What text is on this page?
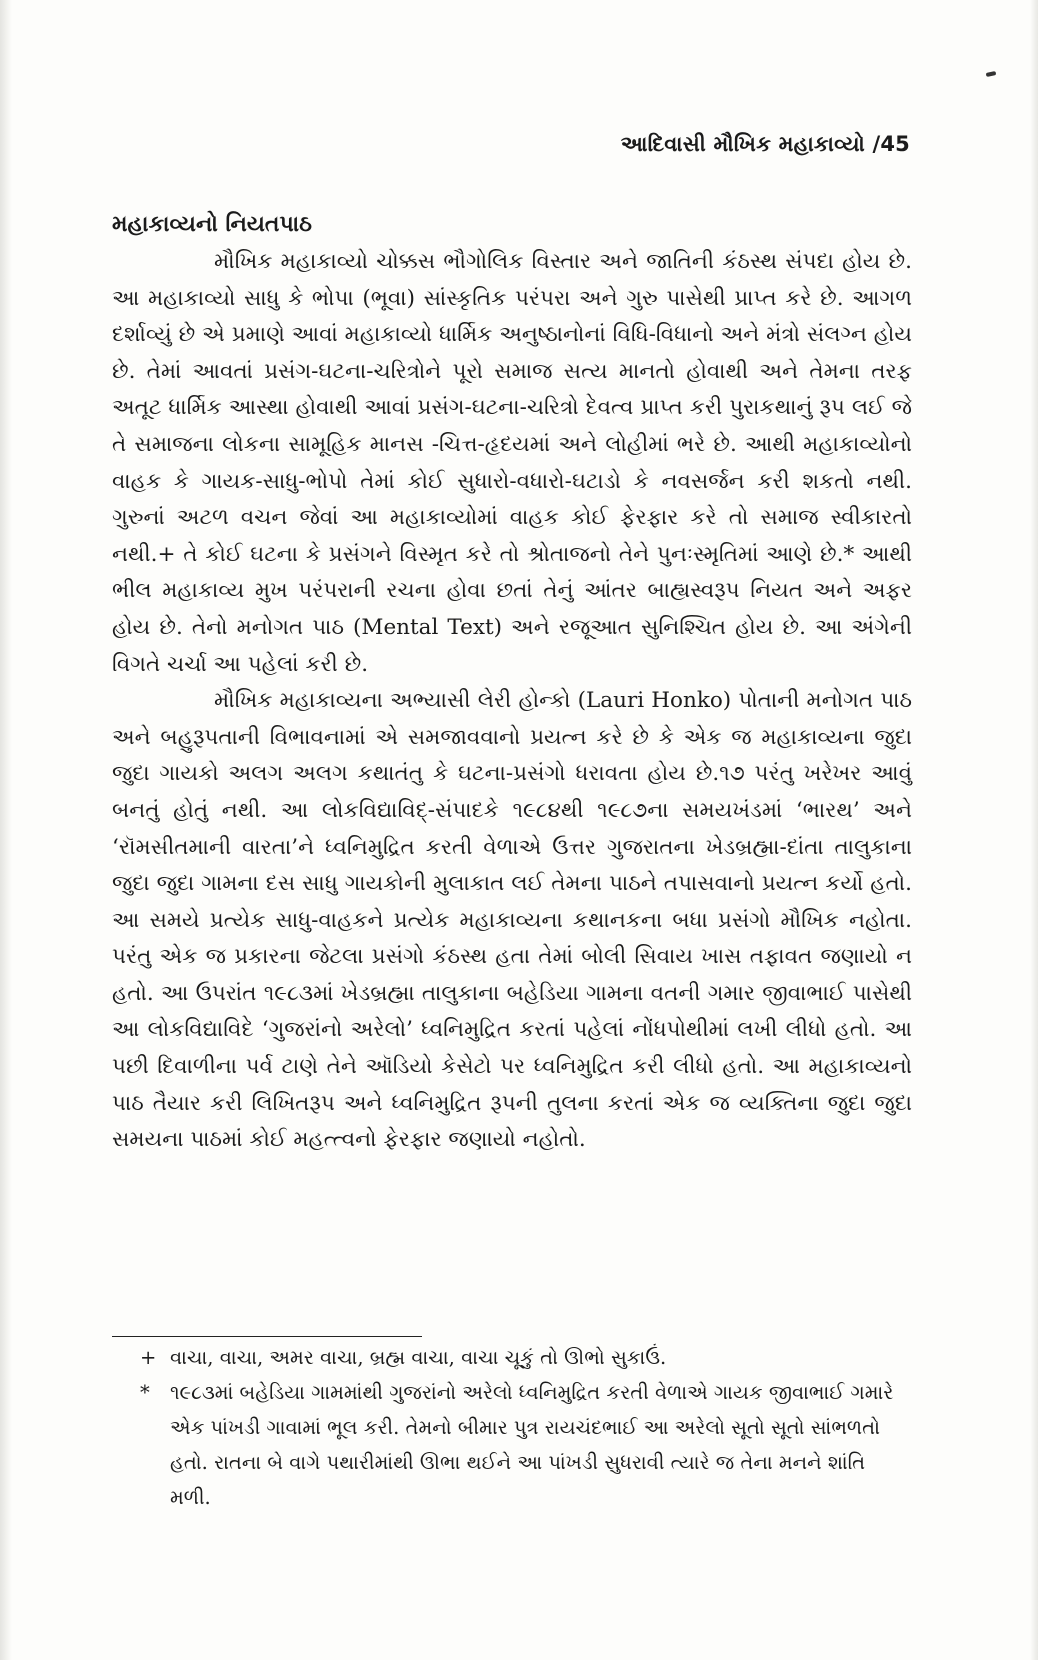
આદિવાસી મૌખિક મહાકાવ્યો /45
મહાકાવ્યનો નિયતપાઠ

મૌખિક મહાકાવ્યો ચોક્કસ ભૌગોલિક વિસ્તાર અને જાતિની કંઠસ્થ સંપદા હોય છે. આ મહાકાવ્યો સાધુ કે ભોપા (ભૂવા) સાંસ્કૃતિક પરંપરા અને ગુરુ પાસેથી પ્રાપ્ત કરે છે. આગળ દર્શાવ્યું છે એ પ્રમાણે આવાં મહાકાવ્યો ધાર્મિક અનુષ્ઠાનોનાં વિધિ-વિધાનો અને મંત્રો સંલગ્ન હોય છે. તેમાં આવતાં પ્રસંગ-ઘટના-ચરિત્રોને પૂરો સમાજ સત્ય માનતો હોવાથી અને તેમના તરફ અતૂટ ધાર્મિક આસ્થા હોવાથી આવાં પ્રસંગ-ઘટના-ચરિત્રો દેવત્વ પ્રાપ્ત કરી પુરાકથાનું રૂપ લઈ જે તે સમાજના લોકના સામૂહિક માનસ -ચિત્ત-હૃદયમાં અને લોહીમાં ભરે છે. આથી મહાકાવ્યોનો વાહક કે ગાયક-સાધુ-ભોપો તેમાં કોઈ સુધારો-વધારો-ઘટાડો કે નવસર્જન કરી શકતો નથી. ગુરુનાં અટળ વચન જેવાં આ મહાકાવ્યોમાં વાહક કોઈ ફેરફાર કરે તો સમાજ સ્વીકારતો નથી.+ તે કોઈ ઘટના કે પ્રસંગને વિસ્મૃત કરે તો શ્રોતાજનો તેને પુનઃસ્મૃતિમાં આણે છે.* આથી ભીલ મહાકાવ્ય મુખ પરંપરાની રચના હોવા છતાં તેનું આંતર બાહ્યસ્વરૂપ નિયત અને અફર હોય છે. તેનો મનોગત પાઠ (Mental Text) અને રજૂઆત સુનિશ્ચિત હોય છે. આ અંગેની વિગતે ચર્ચા આ પહેલાં કરી છે.

મૌખિક મહાકાવ્યના અભ્યાસી લેરી હોન્કો (Lauri Honko) પોતાની મનોગત પાઠ અને બહુરૂપતાની વિભાવનામાં એ સમજાવવાનો પ્રયત્ન કરે છે કે એક જ મહાકાવ્યના જુદા જુદા ગાયકો અલગ અલગ કથાતંતુ કે ઘટના-પ્રસંગો ધરાવતા હોય છે.૧૭ પરંતુ ખરેખર આવું બનતું હોતું નથી. આ લોકવિદ્યાવિદ્-સંપાદકે ૧૯૮૪થી ૧૯૮૭ના સમયખંડમાં ‘ભારથ’ અને ‘રૉમસીતમાની વારતા’ને ધ્વનિમુદ્રિત કરતી વેળાએ ઉત્તર ગુજરાતના ખેડબ્રહ્મા-દાંતા તાલુકાના જુદા જુદા ગામના દસ સાધુ ગાયકોની મુલાકાત લઈ તેમના પાઠને તપાસવાનો પ્રયત્ન કર્યો હતો. આ સમયે પ્રત્યેક સાધુ-વાહકને પ્રત્યેક મહાકાવ્યના કથાનકના બધા પ્રસંગો મૌખિક નહોતા. પરંતુ એક જ પ્રકારના જેટલા પ્રસંગો કંઠસ્થ હતા તેમાં બોલી સિવાય ખાસ તફાવત જણાયો ન હતો. આ ઉપરાંત ૧૯૮૩માં ખેડબ્રહ્મા તાલુકાના બહેડિયા ગામના વતની ગમાર જીવાભાઈ પાસેથી આ લોકવિદ્યાવિદે ‘ગુજરાંનો અરેલો’ ધ્વનિમુદ્રિત કરતાં પહેલાં નોંધપોથીમાં લખી લીધો હતો. આ પછી દિવાળીના પર્વ ટાણે તેને ઑડિયો કેસેટો પર ધ્વનિમુદ્રિત કરી લીધો હતો. આ મહાકાવ્યનો પાઠ તૈયાર કરી લિખિતરૂપ અને ધ્વનિમુદ્રિત રૂપની તુલના કરતાં એક જ વ્યક્તિના જુદા જુદા સમયના પાઠમાં કોઈ મહત્ત્વનો ફેરફાર જણાયો નહોતો.

+ વાચા, વાચા, અમર વાચા, બ્રહ્મ વાચા, વાચા ચૂકું તો ઊભો સુકાઉં.
* ૧૯૮૩માં બહેડિયા ગામમાંથી ગુજરાંનો અરેલો ધ્વનિમુદ્રિત કરતી વેળાએ ગાયક જીવાભાઈ ગમારે એક પાંખડી ગાવામાં ભૂલ કરી. તેમનો બીમાર પુત્ર રાયચંદભાઈ આ અરેલો સૂતો સૂતો સાંભળતો હતો. રાતના બે વાગે પથારીમાંથી ઊભા થઈને આ પાંખડી સુધરાવી ત્યારે જ તેના મનને શાંતિ મળી.
